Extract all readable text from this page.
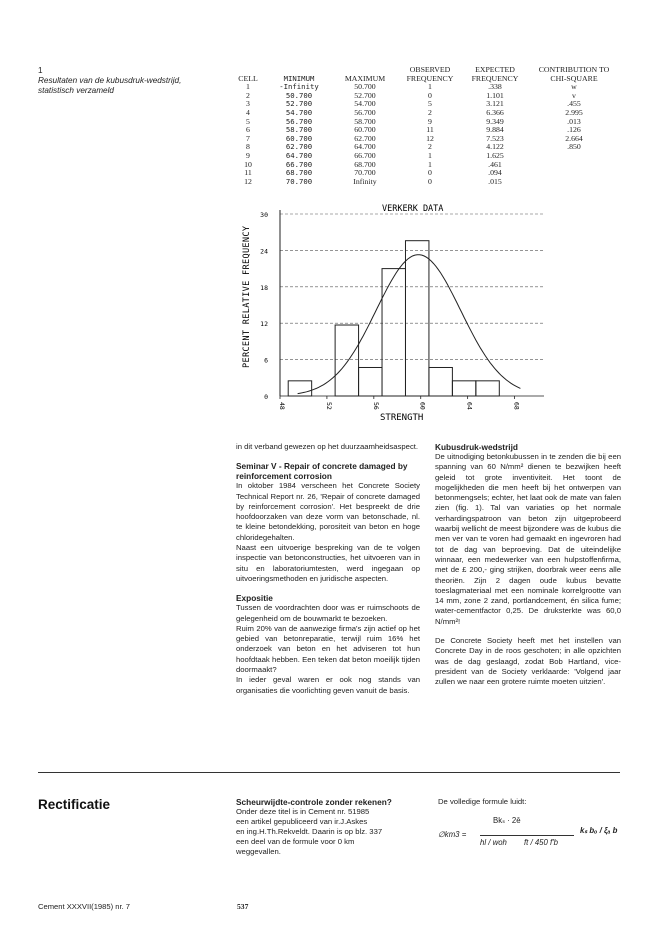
1
Resultaten van de kubusdruk-wedstrijd,
statistisch verzameld
			OBSERVED	EXPECTED	CONTRIBUTION TO
CELL	MINIMUM	MAXIMUM	FREQUENCY	FREQUENCY	CHI-SQUARE
1	-Infinity	50.700	1	.338	w
2	50.700	52.700	0	1.101	v
3	52.700	54.700	5	3.121	.455
4	54.700	56.700	2	6.366	2.995
5	56.700	58.700	9	9.349	.013
6	58.700	60.700	11	9.884	.126
7	60.700	62.700	12	7.523	2.664
8	62.700	64.700	2	4.122	.850
9	64.700	66.700	1	1.625	
10	66.700	68.700	1	.461	
11	68.700	70.700	0	.094	
12	70.700	Infinity	0	.015	
VERKERK DATA
0
6
12
18
24
30
48	52	56	60	64	68
PERCENT RELATIVE FREQUENCY
STRENGTH

in dit verband gewezen op het duurzaamheidsaspect.

Seminar V - Repair of concrete damaged by reinforcement corrosion

In oktober 1984 verscheen het Concrete Society Technical Report nr. 26, 'Repair of concrete damaged by reinforcement corrosion'. Het bespreekt de drie hoofdoorzaken van deze vorm van betonschade, nl. te kleine betondekking, porositeit van beton en hoge chloridegehalten.

Naast een uitvoerige bespreking van de te volgen inspectie van betonconstructies, het uitvoeren van in situ en laboratoriumtesten, werd ingegaan op uitvoeringsmethoden en juridische aspecten.

Expositie

Tussen de voordrachten door was er ruimschoots de gelegenheid om de bouwmarkt te bezoeken.

Ruim 20% van de aanwezige firma's zijn actief op het gebied van betonreparatie, terwijl ruim 16% het onderzoek van beton en het adviseren tot hun hoofdtaak hebben. Een teken dat beton moeilijk tijden doormaakt?

In ieder geval waren er ook nog stands van organisaties die voorlichting geven vanuit de basis.

Kubusdruk-wedstrijd

De uitnodiging betonkubussen in te zenden die bij een spanning van 60 N/mm² dienen te bezwijken heeft geleid tot grote inventiviteit. Het toont de mogelijkheden die men heeft bij het ontwerpen van betonmengsels; echter, het laat ook de mate van falen zien (fig. 1). Tal van variaties op het normale verhardingspatroon van beton zijn uitgeprobeerd waarbij wellicht de meest bijzondere was de kubus die men ver van te voren had gemaakt en ingevroren had tot de dag van beproeving. Dat de uiteindelijke winnaar, een medewerker van een hulpstoffenfirma, met de £ 200,- ging strijken, doorbrak weer eens alle theoriën. Zijn 2 dagen oude kubus bevatte toeslagmateriaal met een nominale korrelgrootte van 14 mm, zone 2 zand, portlandcement, én silica fume; water-cementfactor 0,25. De druksterkte was 60,0 N/mm²!

De Concrete Society heeft met het instellen van Concrete Day in de roos geschoten; in alle opzichten was de dag geslaagd, zodat Bob Hartland, vice-president van de Society verklaarde: 'Volgend jaar zullen we naar een grotere ruimte moeten uitzien'.

Rectificatie	Scheurwijdte-controle zonder rekenen?
Onder deze titel is in Cement nr. 51985
een artikel gepubliceerd van ir.J.Askes
en ing.H.Th.Rekveldt. Daarin is op blz. 337
een deel van de formule voor 0 km
weggevallen.
De volledige formule luidt:
∅km3 =
Bkₛ · 2ē
hl / woh ft / 450 f'b
kₛ bₒ / ξₐ b
Cement XXXVII(1985) nr. 7	537
